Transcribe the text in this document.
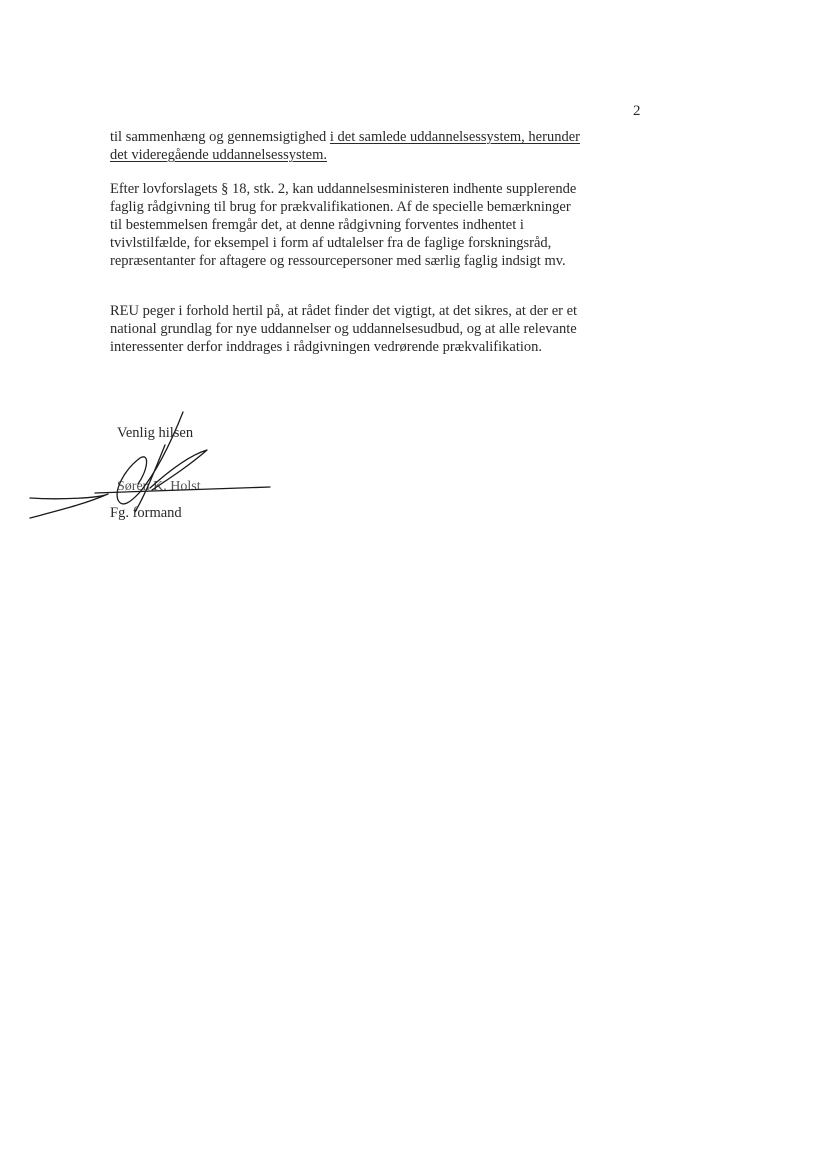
2
til sammenhæng og gennemsigtighed i det samlede uddannelsessystem, herunder det videregående uddannelsessystem.
Efter lovforslagets § 18, stk. 2, kan uddannelsesministeren indhente supplerende faglig rådgivning til brug for prækvalifikationen. Af de specielle bemærkninger til bestemmelsen fremgår det, at denne rådgivning forventes indhentet i tvivlstilfælde, for eksempel i form af udtalelser fra de faglige forskningsråd, repræsentanter for aftagere og ressourcepersoner med særlig faglig indsigt mv.
REU peger i forhold hertil på, at rådet finder det vigtigt, at det sikres, at der er et national grundlag for nye uddannelser og uddannelsesudbud, og at alle relevante interessenter derfor inddrages i rådgivningen vedrørende prækvalifikation.
Venlig hilsen
Søren K. Holst
Fg. formand
